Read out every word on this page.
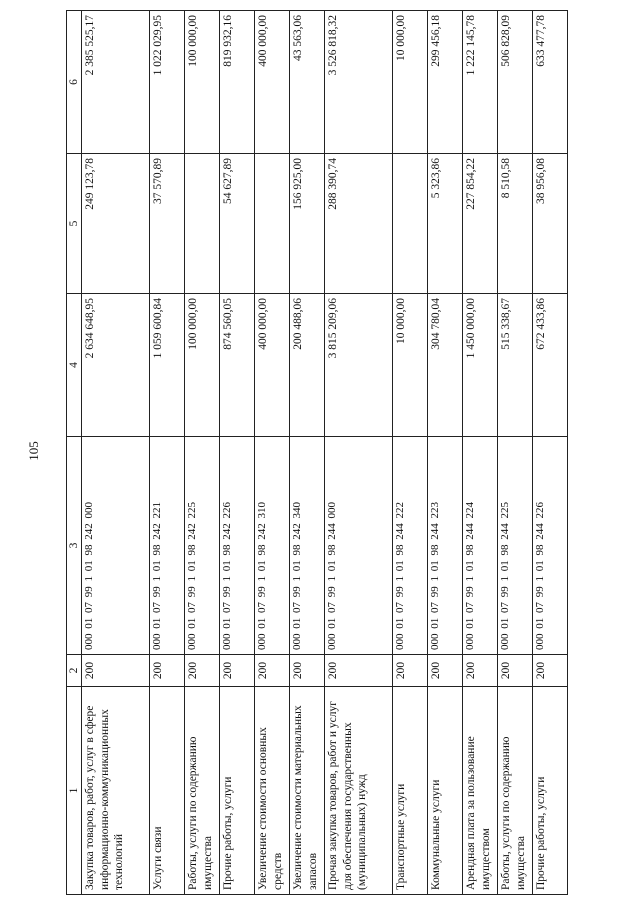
105
1	2	3	4	5	6
Закупка товаров, работ, услуг в сфере информационно-коммуникационных технологий	200	000 01 07 99 1 01 98 242 000	2 634 648,95	249 123,78	2 385 525,17
Услуги связи	200	000 01 07 99 1 01 98 242 221	1 059 600,84	37 570,89	1 022 029,95
Работы, услуги по содержанию имущества	200	000 01 07 99 1 01 98 242 225	100 000,00		100 000,00
Прочие работы, услуги	200	000 01 07 99 1 01 98 242 226	874 560,05	54 627,89	819 932,16
Увеличение стоимости основных средств	200	000 01 07 99 1 01 98 242 310	400 000,00		400 000,00
Увеличение стоимости материальных запасов	200	000 01 07 99 1 01 98 242 340	200 488,06	156 925,00	43 563,06
Прочая закупка товаров, работ и услуг для обеспечения государственных (муниципальных) нужд	200	000 01 07 99 1 01 98 244 000	3 815 209,06	288 390,74	3 526 818,32
Транспортные услуги	200	000 01 07 99 1 01 98 244 222	10 000,00		10 000,00
Коммунальные услуги	200	000 01 07 99 1 01 98 244 223	304 780,04	5 323,86	299 456,18
Арендная плата за пользование имуществом	200	000 01 07 99 1 01 98 244 224	1 450 000,00	227 854,22	1 222 145,78
Работы, услуги по содержанию имущества	200	000 01 07 99 1 01 98 244 225	515 338,67	8 510,58	506 828,09
Прочие работы, услуги	200	000 01 07 99 1 01 98 244 226	672 433,86	38 956,08	633 477,78
